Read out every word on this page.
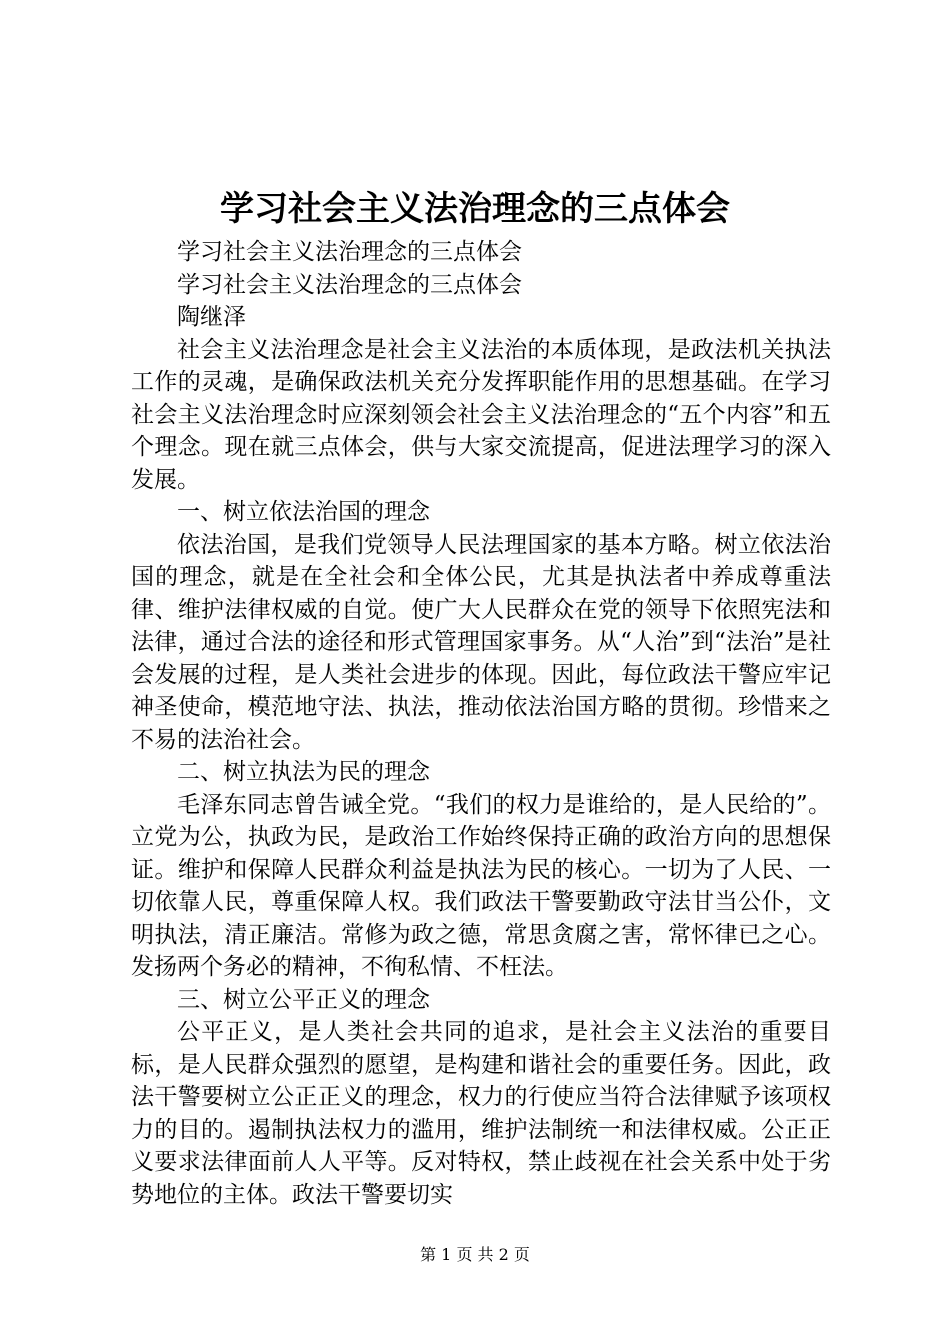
学习社会主义法治理念的三点体会

学习社会主义法治理念的三点体会

学习社会主义法治理念的三点体会

陶继泽

社会主义法治理念是社会主义法治的本质体现，是政法机关执法工作的灵魂，是确保政法机关充分发挥职能作用的思想基础。在学习社会主义法治理念时应深刻领会社会主义法治理念的“五个内容”和五个理念。现在就三点体会，供与大家交流提高，促进法理学习的深入发展。

一、树立依法治国的理念

依法治国，是我们党领导人民法理国家的基本方略。树立依法治国的理念，就是在全社会和全体公民，尤其是执法者中养成尊重法律、维护法律权威的自觉。使广大人民群众在党的领导下依照宪法和法律，通过合法的途径和形式管理国家事务。从“人治”到“法治”是社会发展的过程，是人类社会进步的体现。因此，每位政法干警应牢记神圣使命，模范地守法、执法，推动依法治国方略的贯彻。珍惜来之不易的法治社会。

二、树立执法为民的理念

毛泽东同志曾告诫全党。“我们的权力是谁给的，是人民给的”。立党为公，执政为民，是政治工作始终保持正确的政治方向的思想保证。维护和保障人民群众利益是执法为民的核心。一切为了人民、一切依靠人民，尊重保障人权。我们政法干警要勤政守法甘当公仆，文明执法，清正廉洁。常修为政之德，常思贪腐之害，常怀律已之心。发扬两个务必的精神，不徇私情、不枉法。

三、树立公平正义的理念

公平正义，是人类社会共同的追求，是社会主义法治的重要目标，是人民群众强烈的愿望，是构建和谐社会的重要任务。因此，政法干警要树立公正正义的理念，权力的行使应当符合法律赋予该项权力的目的。遏制执法权力的滥用，维护法制统一和法律权威。公正正义要求法律面前人人平等。反对特权，禁止歧视在社会关系中处于劣势地位的主体。政法干警要切实

第 1 页 共 2 页
